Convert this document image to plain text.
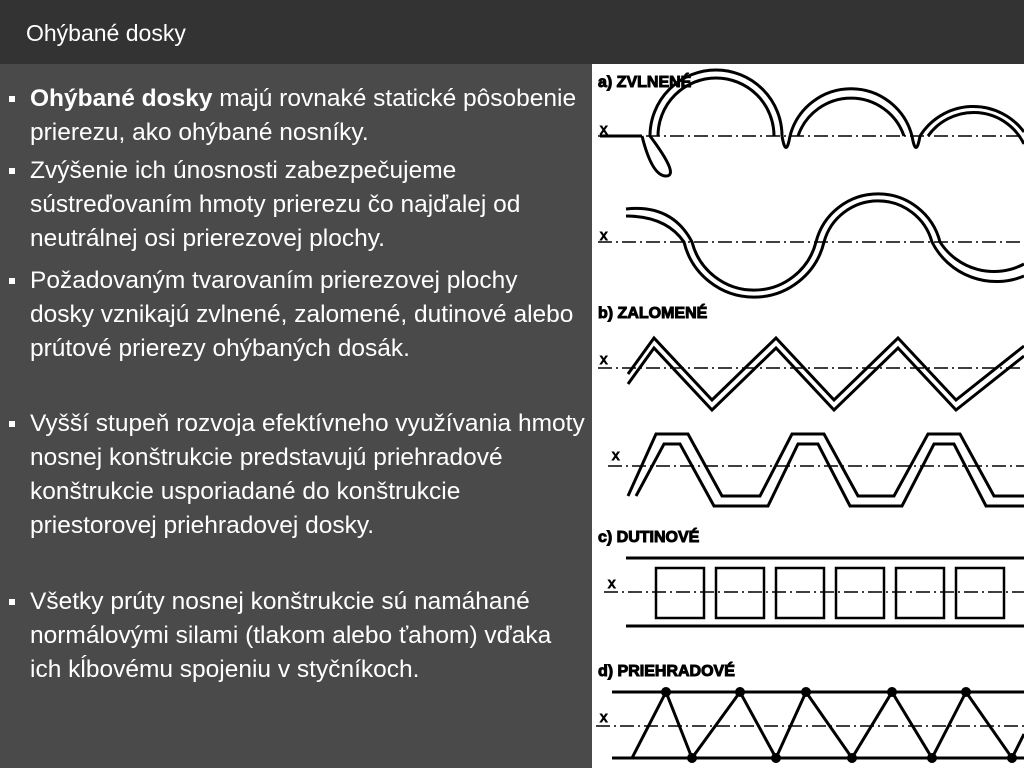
Ohýbané dosky
Ohýbané dosky majú rovnaké statické pôsobenie prierezu, ako ohýbané nosníky.
Zvýšenie ich únosnosti zabezpečujeme sústreďovaním hmoty prierezu čo najďalej od neutrálnej osi prierezovej plochy.
Požadovaným tvarovaním prierezovej plochy dosky vznikajú zvlnené, zalomené, dutinové alebo prútové prierezy ohýbaných dosák.
Vyšší stupeň rozvoja efektívneho využívania hmoty nosnej konštrukcie predstavujú priehradové konštrukcie usporiadané do konštrukcie priestorovej priehradovej dosky.
Všetky prúty nosnej konštrukcie sú namáhané normálovými silami (tlakom alebo ťahom) vďaka ich kĺbovému spojeniu v styčníkoch.
a) ZVLNENÉ
x
x
b) ZALOMENÉ
x
x
c) DUTINOVÉ
x
d) PRIEHRADOVÉ
x
